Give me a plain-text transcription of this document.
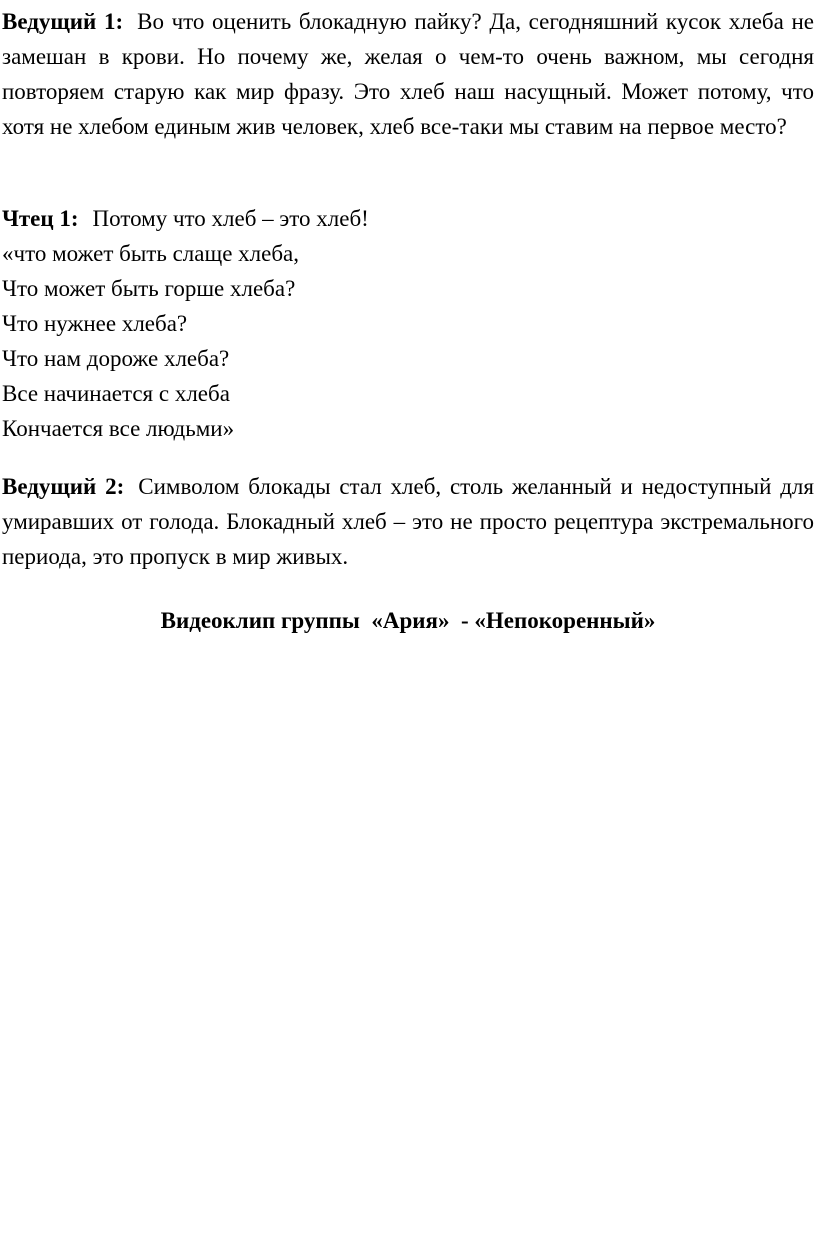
Ведущий 1: Во что оценить блокадную пайку? Да, сегодняшний кусок хлеба не замешан в крови. Но почему же, желая о чем-то очень важном, мы сегодня повторяем старую как мир фразу. Это хлеб наш насущный. Может потому, что хотя не хлебом единым жив человек, хлеб все-таки мы ставим на первое место?

Чтец 1: Потому что хлеб – это хлеб!
«что может быть слаще хлеба,
Что может быть горше хлеба?
Что нужнее хлеба?
Что нам дороже хлеба?
Все начинается с хлеба
Кончается все людьми»

Ведущий 2: Символом блокады стал хлеб, столь желанный и недоступный для умиравших от голода. Блокадный хлеб – это не просто рецептура экстремального периода, это пропуск в мир живых.

Видеоклип группы  «Ария»  - «Непокоренный»
